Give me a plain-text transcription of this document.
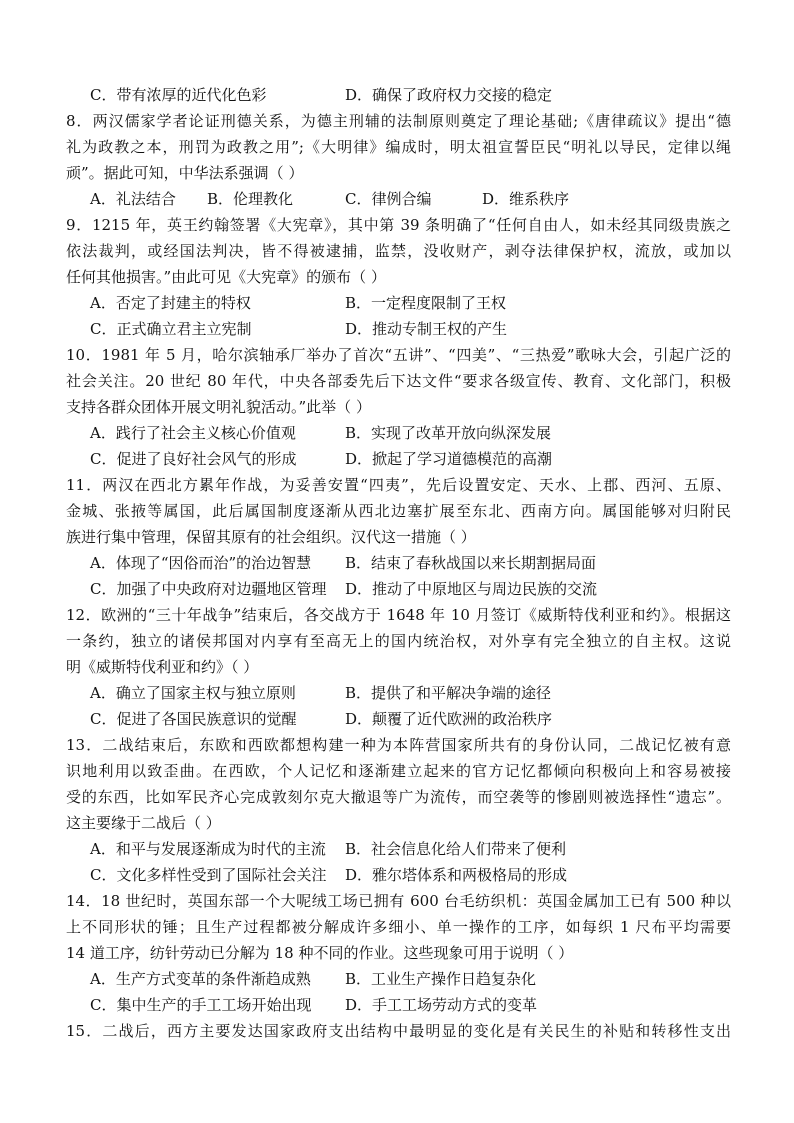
C．带有浓厚的近代化色彩	D．确保了政府权力交接的稳定
8．两汉儒家学者论证刑德关系，为德主刑辅的法制原则奠定了理论基础;《唐律疏议》提出“德
礼为政教之本，刑罚为政教之用”;《大明律》编成时，明太祖宣誓臣民“明礼以导民，定律以绳
顽”。据此可知，中华法系强调（ ）
A．礼法结合 B．伦理教化	C．律例合编	D．维系秩序
9．1215 年，英王约翰签署《大宪章》，其中第 39 条明确了“任何自由人，如未经其同级贵族之
依法裁判，或经国法判决，皆不得被逮捕，监禁，没收财产，剥夺法律保护权，流放，或加以
任何其他损害。”由此可见《大宪章》的颁布（ ）
A．否定了封建主的特权	B．一定程度限制了王权
C．正式确立君主立宪制	D．推动专制王权的产生
10．1981 年 5 月，哈尔滨轴承厂举办了首次“五讲”、“四美”、“三热爱”歌咏大会，引起广泛的
社会关注。20 世纪 80 年代，中央各部委先后下达文件“要求各级宣传、教育、文化部门，积极
支持各群众团体开展文明礼貌活动。”此举（ ）
A．践行了社会主义核心价值观	B．实现了改革开放向纵深发展
C．促进了良好社会风气的形成	D．掀起了学习道德模范的高潮
11．两汉在西北方累年作战，为妥善安置“四夷”，先后设置安定、天水、上郡、西河、五原、
金城、张掖等属国，此后属国制度逐渐从西北边塞扩展至东北、西南方向。属国能够对归附民
族进行集中管理，保留其原有的社会组织。汉代这一措施（ ）
A．体现了“因俗而治”的治边智慧 B．结束了春秋战国以来长期割据局面
C．加强了中央政府对边疆地区管理 D．推动了中原地区与周边民族的交流
12．欧洲的“三十年战争”结束后，各交战方于 1648 年 10 月签订《威斯特伐利亚和约》。根据这
一条约，独立的诸侯邦国对内享有至高无上的国内统治权，对外享有完全独立的自主权。这说
明《威斯特伐利亚和约》（ ）
A．确立了国家主权与独立原则	B．提供了和平解决争端的途径
C．促进了各国民族意识的觉醒	D．颠覆了近代欧洲的政治秩序
13．二战结束后，东欧和西欧都想构建一种为本阵营国家所共有的身份认同，二战记忆被有意
识地利用以致歪曲。在西欧，个人记忆和逐渐建立起来的官方记忆都倾向积极向上和容易被接
受的东西，比如军民齐心完成敦刻尔克大撤退等广为流传，而空袭等的惨剧则被选择性“遗忘”。
这主要缘于二战后（ ）
A．和平与发展逐渐成为时代的主流 B．社会信息化给人们带来了便利
C．文化多样性受到了国际社会关注 D．雅尔塔体系和两极格局的形成
14．18 世纪时，英国东部一个大呢绒工场已拥有 600 台毛纺织机：英国金属加工已有 500 种以
上不同形状的锤；且生产过程都被分解成许多细小、单一操作的工序，如每织 1 尺布平均需要
14 道工序，纺针劳动已分解为 18 种不同的作业。这些现象可用于说明（ ）
A．生产方式变革的条件渐趋成熟 B．工业生产操作日趋复杂化
C．集中生产的手工工场开始出现 D．手工工场劳动方式的变革
15．二战后，西方主要发达国家政府支出结构中最明显的变化是有关民生的补贴和转移性支出
